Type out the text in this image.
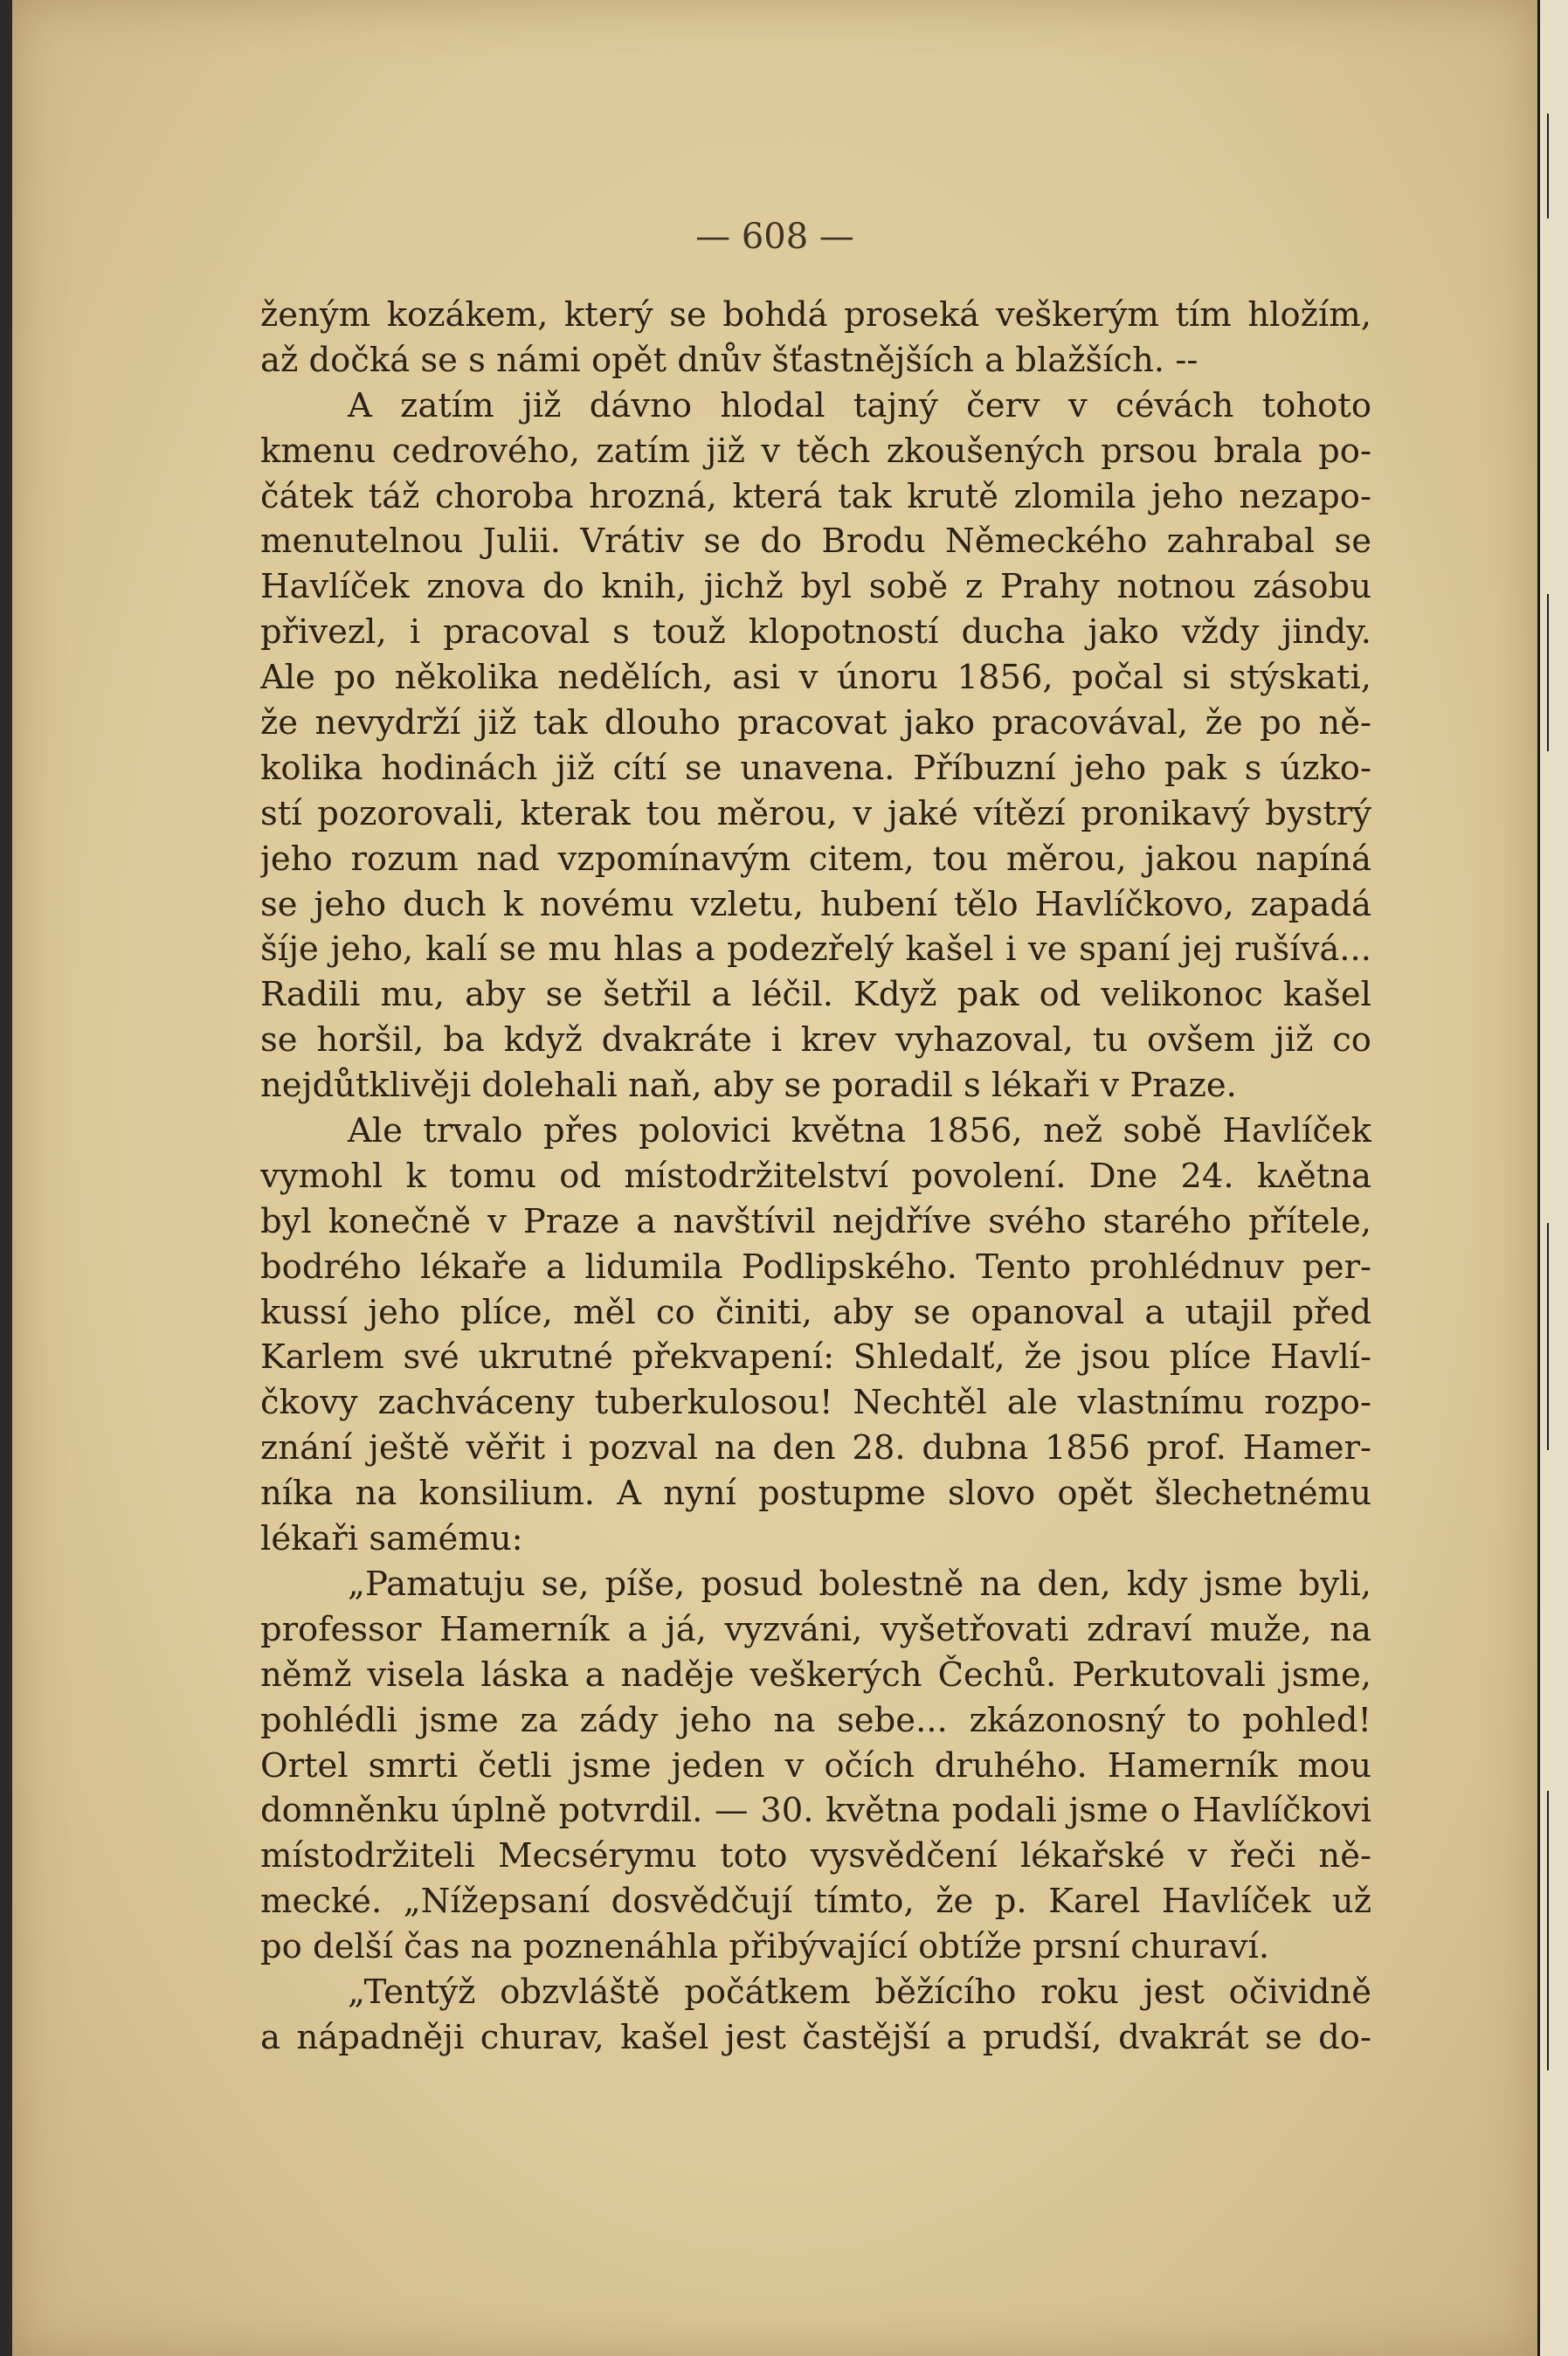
— 608 —
ženým kozákem, který se bohdá proseká veškerým tím hložím,
až dočká se s námi opět dnův šťastnějších a blažších. --
A zatím již dávno hlodal tajný červ v cévách tohoto
kmenu cedrového, zatím již v těch zkoušených prsou brala po-
čátek táž choroba hrozná, která tak krutě zlomila jeho nezapo-
menutelnou Julii. Vrátiv se do Brodu Německého zahrabal se
Havlíček znova do knih, jichž byl sobě z Prahy notnou zásobu
přivezl, i pracoval s touž klopotností ducha jako vždy jindy.
Ale po několika nedělích, asi v únoru 1856, počal si stýskati,
že nevydrží již tak dlouho pracovat jako pracovával, že po ně-
kolika hodinách již cítí se unavena. Příbuzní jeho pak s úzko-
stí pozorovali, kterak tou měrou, v jaké vítězí pronikavý bystrý
jeho rozum nad vzpomínavým citem, tou měrou, jakou napíná
se jeho duch k novému vzletu, hubení tělo Havlíčkovo, zapadá
šíje jeho, kalí se mu hlas a podezřelý kašel i ve spaní jej rušívá...
Radili mu, aby se šetřil a léčil. Když pak od velikonoc kašel
se horšil, ba když dvakráte i krev vyhazoval, tu ovšem již co
nejdůtklivěji dolehali naň, aby se poradil s lékaři v Praze.
Ale trvalo přes polovici května 1856, než sobě Havlíček
vymohl k tomu od místodržitelství povolení. Dne 24. kʌětna
byl konečně v Praze a navštívil nejdříve svého starého přítele,
bodrého lékaře a lidumila Podlipského. Tento prohlédnuv per-
kussí jeho plíce, měl co činiti, aby se opanoval a utajil před
Karlem své ukrutné překvapení: Shledalť, že jsou plíce Havlí-
čkovy zachváceny tuberkulosou! Nechtěl ale vlastnímu rozpo-
znání ještě věřit i pozval na den 28. dubna 1856 prof. Hamer-
níka na konsilium. A nyní postupme slovo opět šlechetnému
lékaři samému:
„Pamatuju se, píše, posud bolestně na den, kdy jsme byli,
professor Hamerník a já, vyzváni, vyšetřovati zdraví muže, na
němž visela láska a naděje veškerých Čechů. Perkutovali jsme,
pohlédli jsme za zády jeho na sebe... zkázonosný to pohled!
Ortel smrti četli jsme jeden v očích druhého. Hamerník mou
domněnku úplně potvrdil. — 30. května podali jsme o Havlíčkovi
místodržiteli Mecsérymu toto vysvědčení lékařské v řeči ně-
mecké. „Nížepsaní dosvědčují tímto, že p. Karel Havlíček už
po delší čas na poznenáhla přibývající obtíže prsní churaví.
„Tentýž obzvláště počátkem běžícího roku jest očividně
a nápadněji churav, kašel jest častější a prudší, dvakrát se do-
